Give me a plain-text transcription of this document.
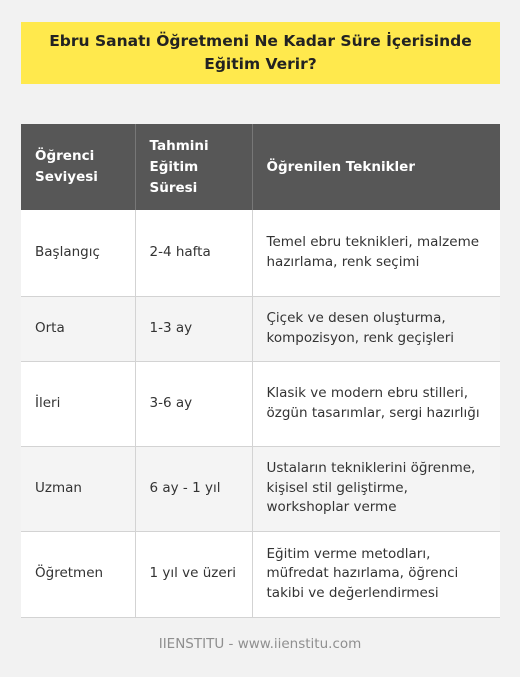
Ebru Sanatı Öğretmeni Ne Kadar Süre İçerisinde Eğitim Verir?
Öğrenci Seviyesi	Tahmini Eğitim Süresi	Öğrenilen Teknikler
Başlangıç	2-4 hafta	Temel ebru teknikleri, malzeme hazırlama, renk seçimi
Orta	1-3 ay	Çiçek ve desen oluşturma, kompozisyon, renk geçişleri
İleri	3-6 ay	Klasik ve modern ebru stilleri, özgün tasarımlar, sergi hazırlığı
Uzman	6 ay - 1 yıl	Ustaların tekniklerini öğrenme, kişisel stil geliştirme, workshoplar verme
Öğretmen	1 yıl ve üzeri	Eğitim verme metodları, müfredat hazırlama, öğrenci takibi ve değerlendirmesi
IIENSTITU - www.iienstitu.com
